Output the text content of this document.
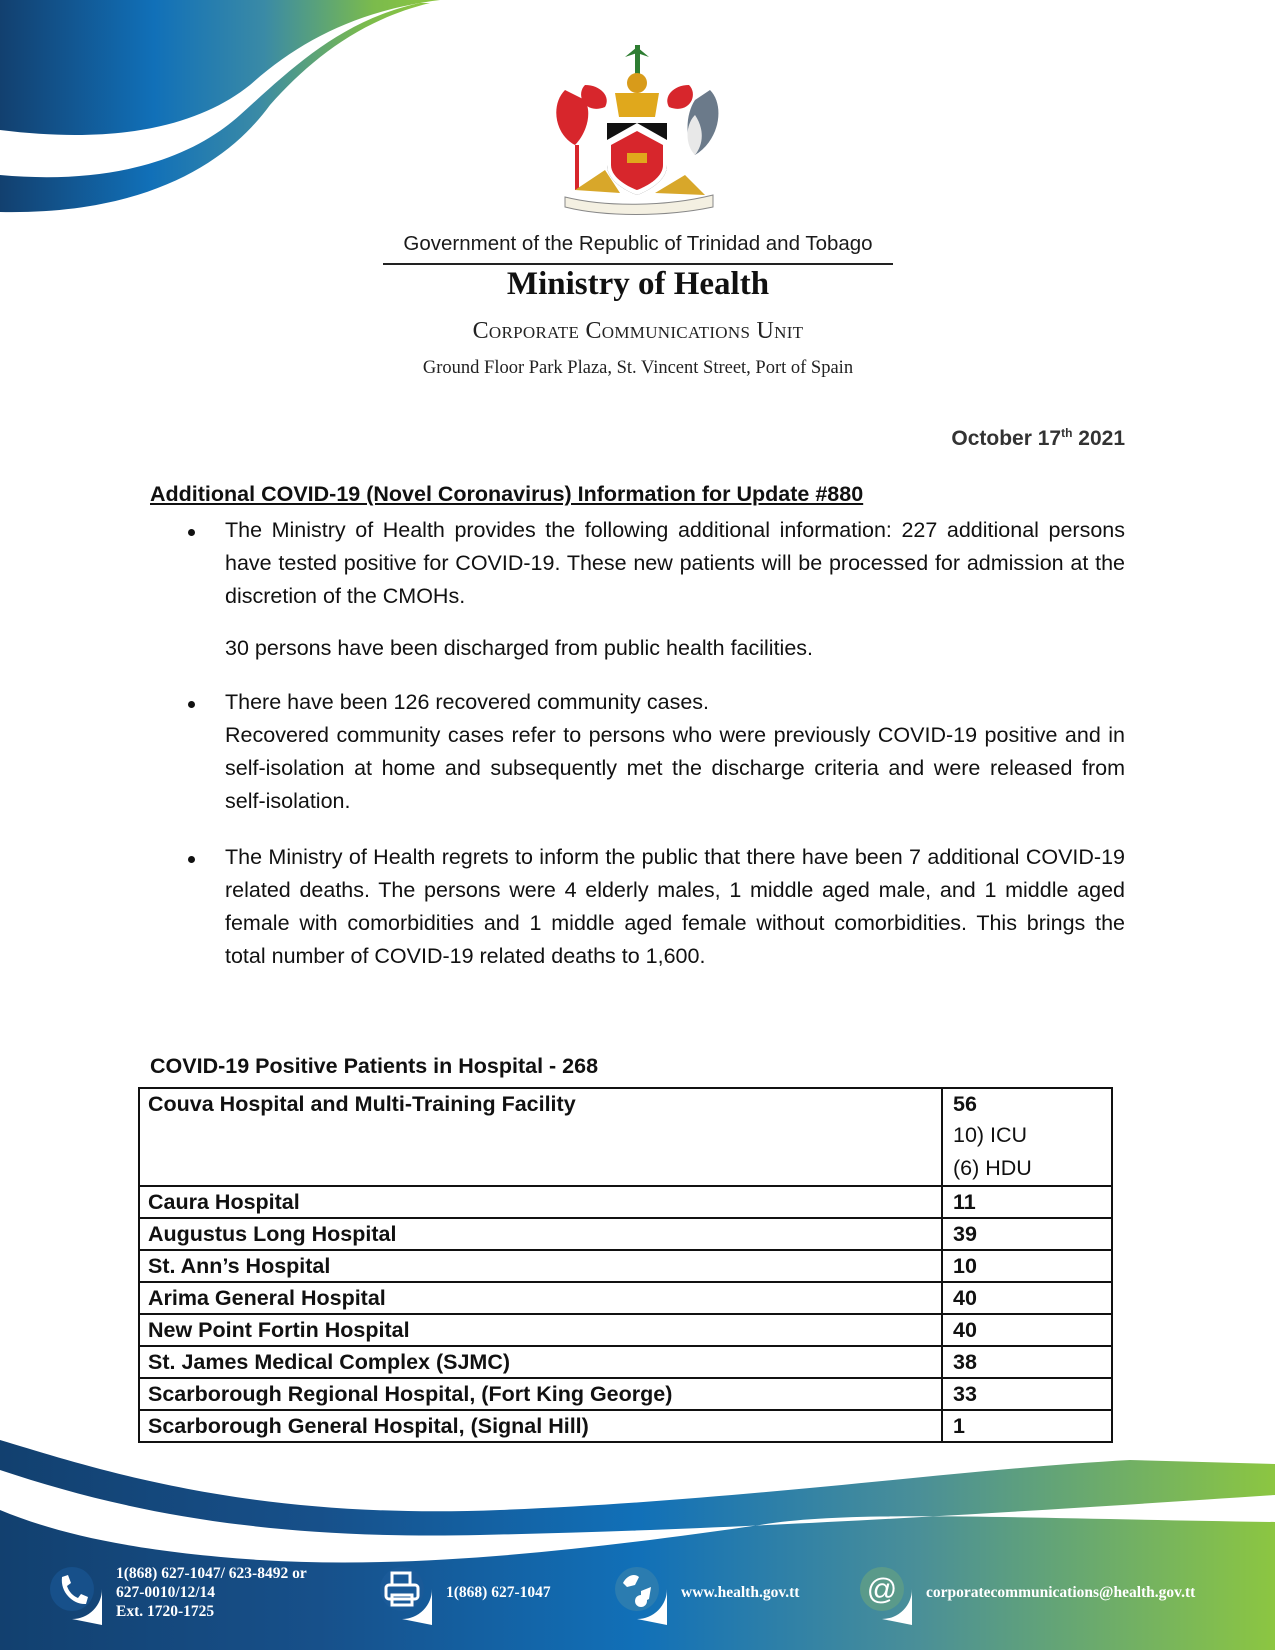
Government of the Republic of Trinidad and Tobago
Ministry of Health
Corporate Communications Unit
Ground Floor Park Plaza, St. Vincent Street, Port of Spain
October 17th 2021
Additional COVID-19 (Novel Coronavirus) Information for Update #880
The Ministry of Health provides the following additional information: 227 additional persons have tested positive for COVID-19. These new patients will be processed for admission at the discretion of the CMOHs.
30 persons have been discharged from public health facilities.
There have been 126 recovered community cases.
Recovered community cases refer to persons who were previously COVID-19 positive and in self-isolation at home and subsequently met the discharge criteria and were released from self-isolation.
The Ministry of Health regrets to inform the public that there have been 7 additional COVID-19 related deaths. The persons were 4 elderly males, 1 middle aged male, and 1 middle aged female with comorbidities and 1 middle aged female without comorbidities. This brings the total number of COVID-19 related deaths to 1,600.
COVID-19 Positive Patients in Hospital - 268
Couva Hospital and Multi-Training Facility	56
10) ICU
(6) HDU

Caura Hospital	11
Augustus Long Hospital	39
St. Ann’s Hospital	10
Arima General Hospital	40
New Point Fortin Hospital	40
St. James Medical Complex (SJMC)	38
Scarborough Regional Hospital, (Fort King George)	33
Scarborough General Hospital, (Signal Hill)	1
1(868) 627-1047/ 623-8492 or
627-0010/12/14
Ext. 1720-1725
1(868) 627-1047	www.health.gov.tt @ corporatecommunications@health.gov.tt
